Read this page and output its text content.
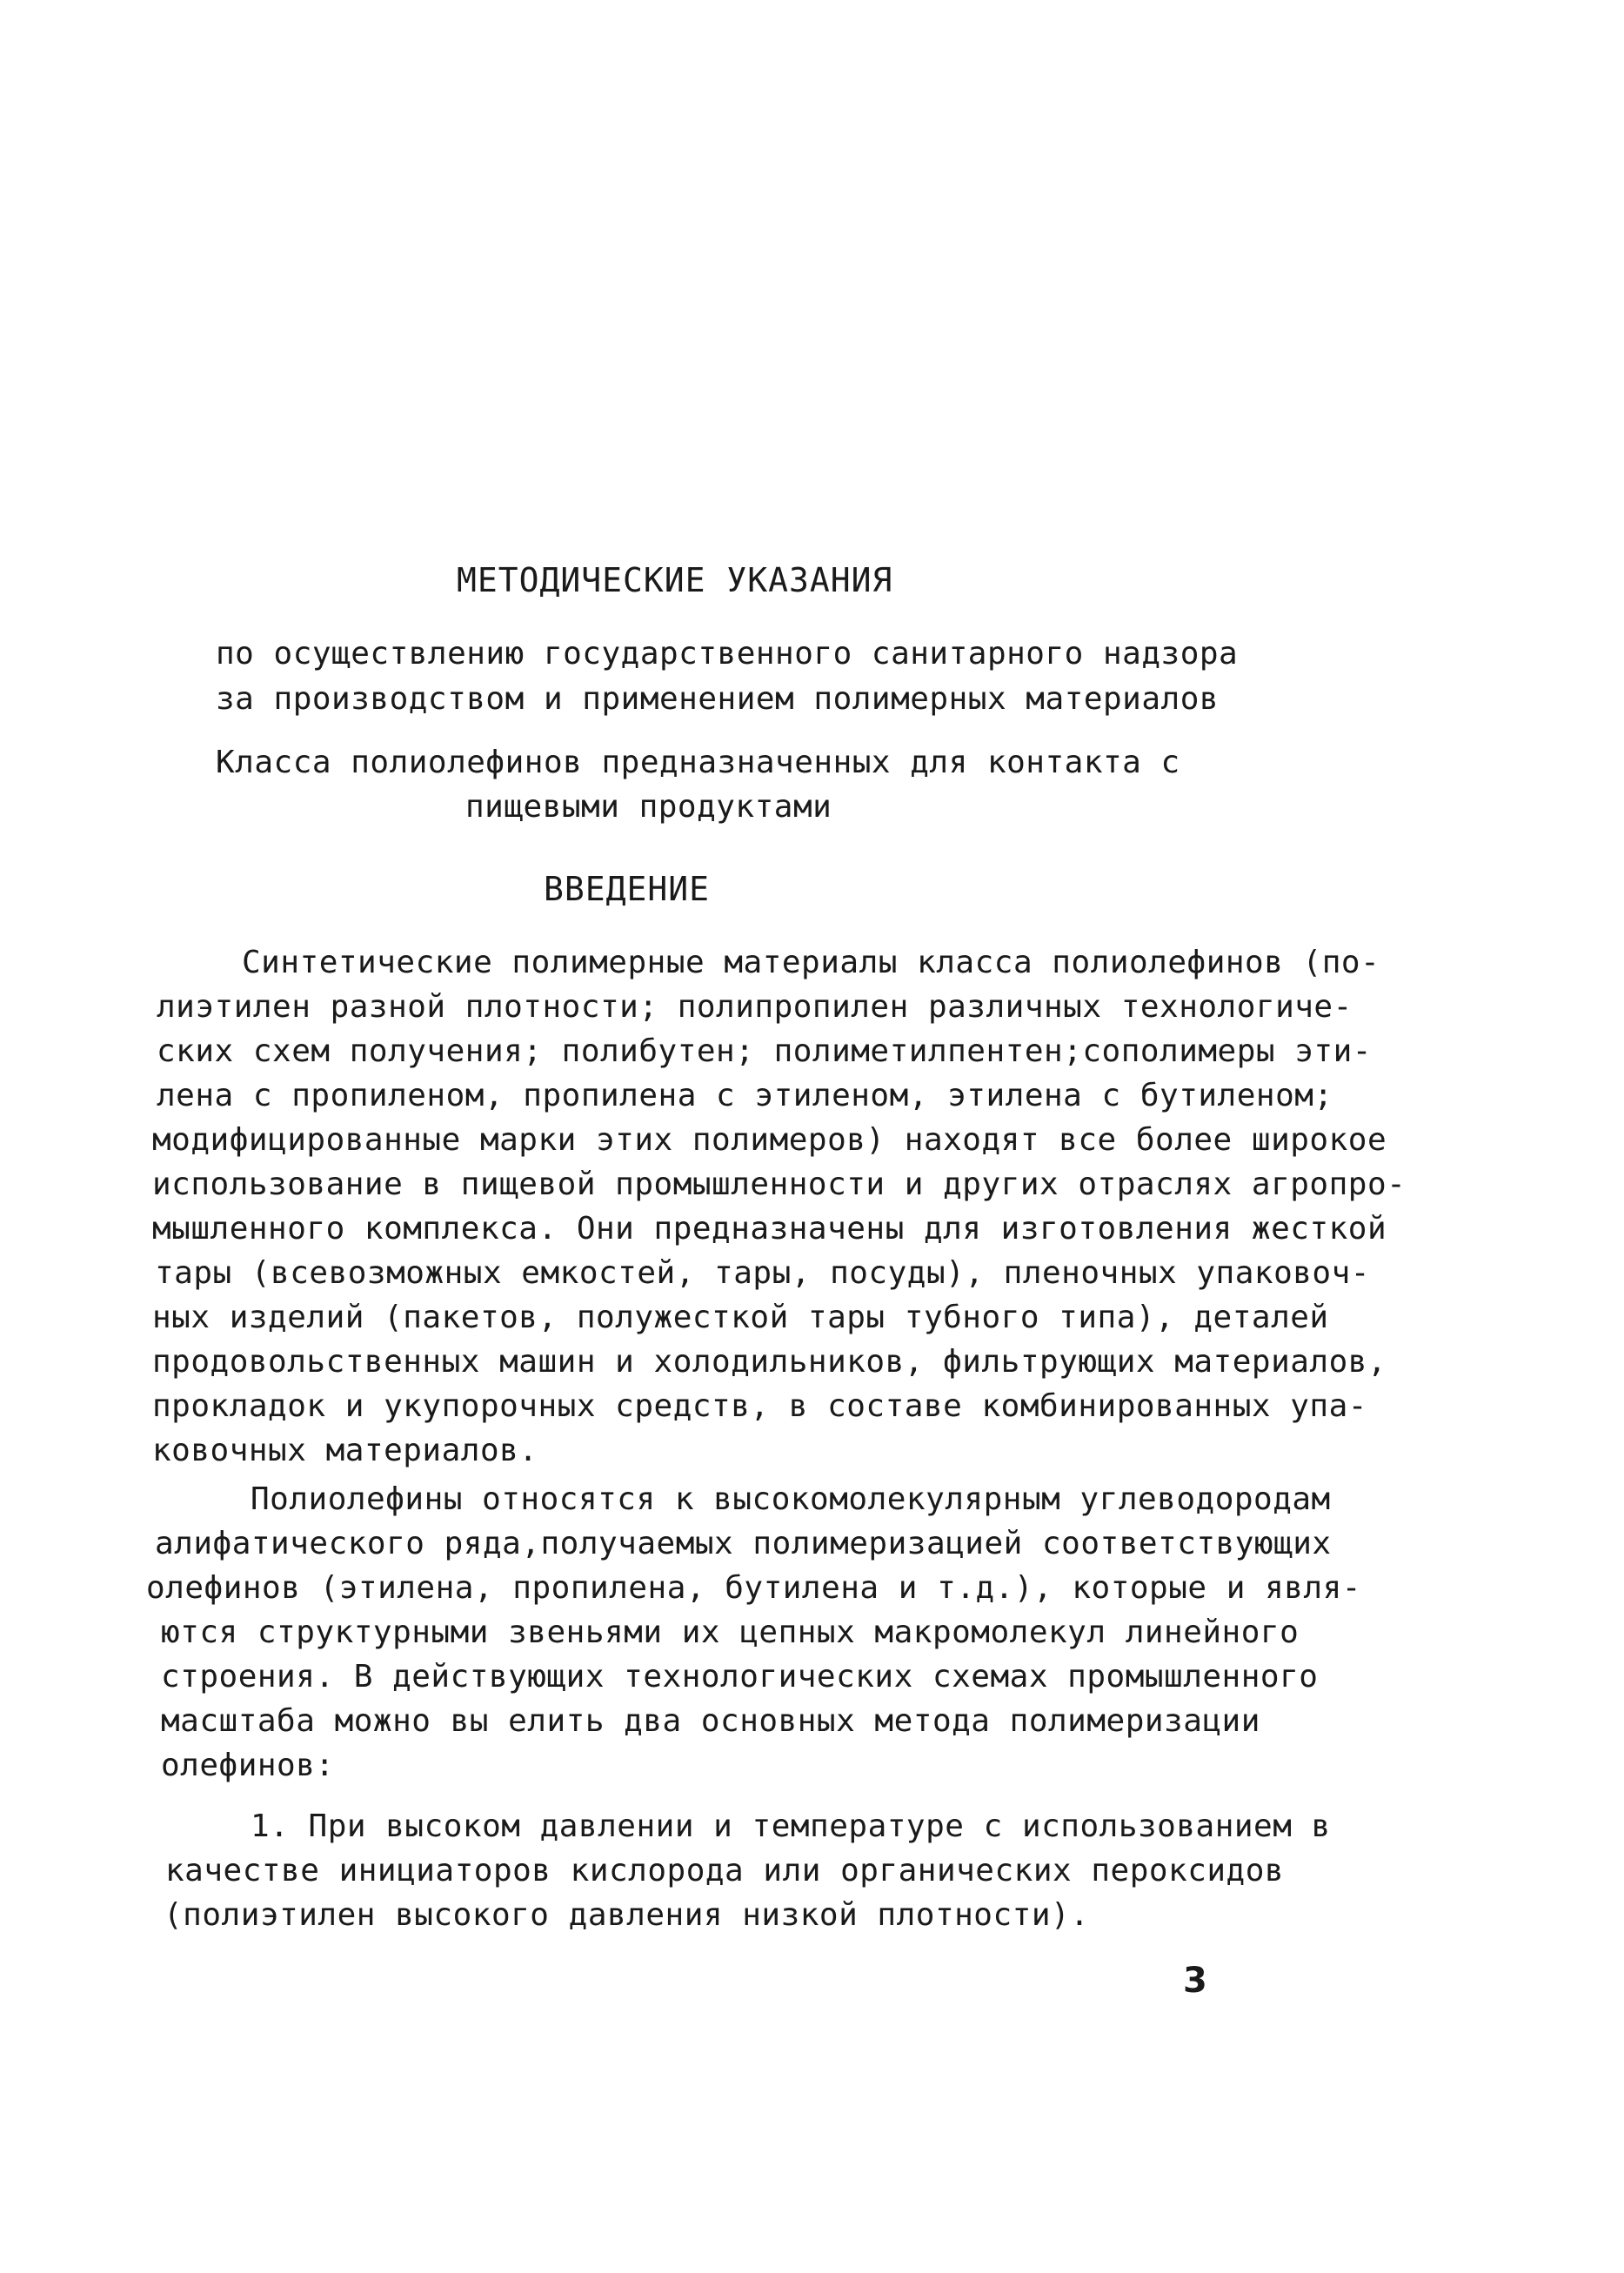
МЕТОДИЧЕСКИЕ УКАЗАНИЯ
по осуществлению государственного санитарного надзора
за производством и применением полимерных материалов
Класса полиолефинов предназначенных для контакта с
пищевыми продуктами
ВВЕДЕНИЕ
Синтетические полимерные материалы класса полиолефинов (по-
лиэтилен разной плотности; полипропилен различных технологиче-
ских схем получения; полибутен; полиметилпентен;сополимеры эти-
лена с пропиленом, пропилена с этиленом, этилена с бутиленом;
модифицированные марки этих полимеров) находят все более широкое
использование в пищевой промышленности и других отраслях агропро-
мышленного комплекса. Они предназначены для изготовления жесткой
тары (всевозможных емкостей, тары, посуды), пленочных упаковоч-
ных изделий (пакетов, полужесткой тары тубного типа), деталей
продовольственных машин и холодильников, фильтрующих материалов,
прокладок и укупорочных средств, в составе комбинированных упа-
ковочных материалов.
Полиолефины относятся к высокомолекулярным углеводородам
алифатического ряда,получаемых полимеризацией соответствующих
олефинов (этилена, пропилена, бутилена и т.д.), которые и явля-
ются структурными звеньями их цепных макромолекул линейного
строения. В действующих технологических схемах промышленного
масштаба можно вы елить два основных метода полимеризации
олефинов:
1. При высоком давлении и температуре с использованием в
качестве инициаторов кислорода или органических пероксидов
(полиэтилен высокого давления низкой плотности).
3
